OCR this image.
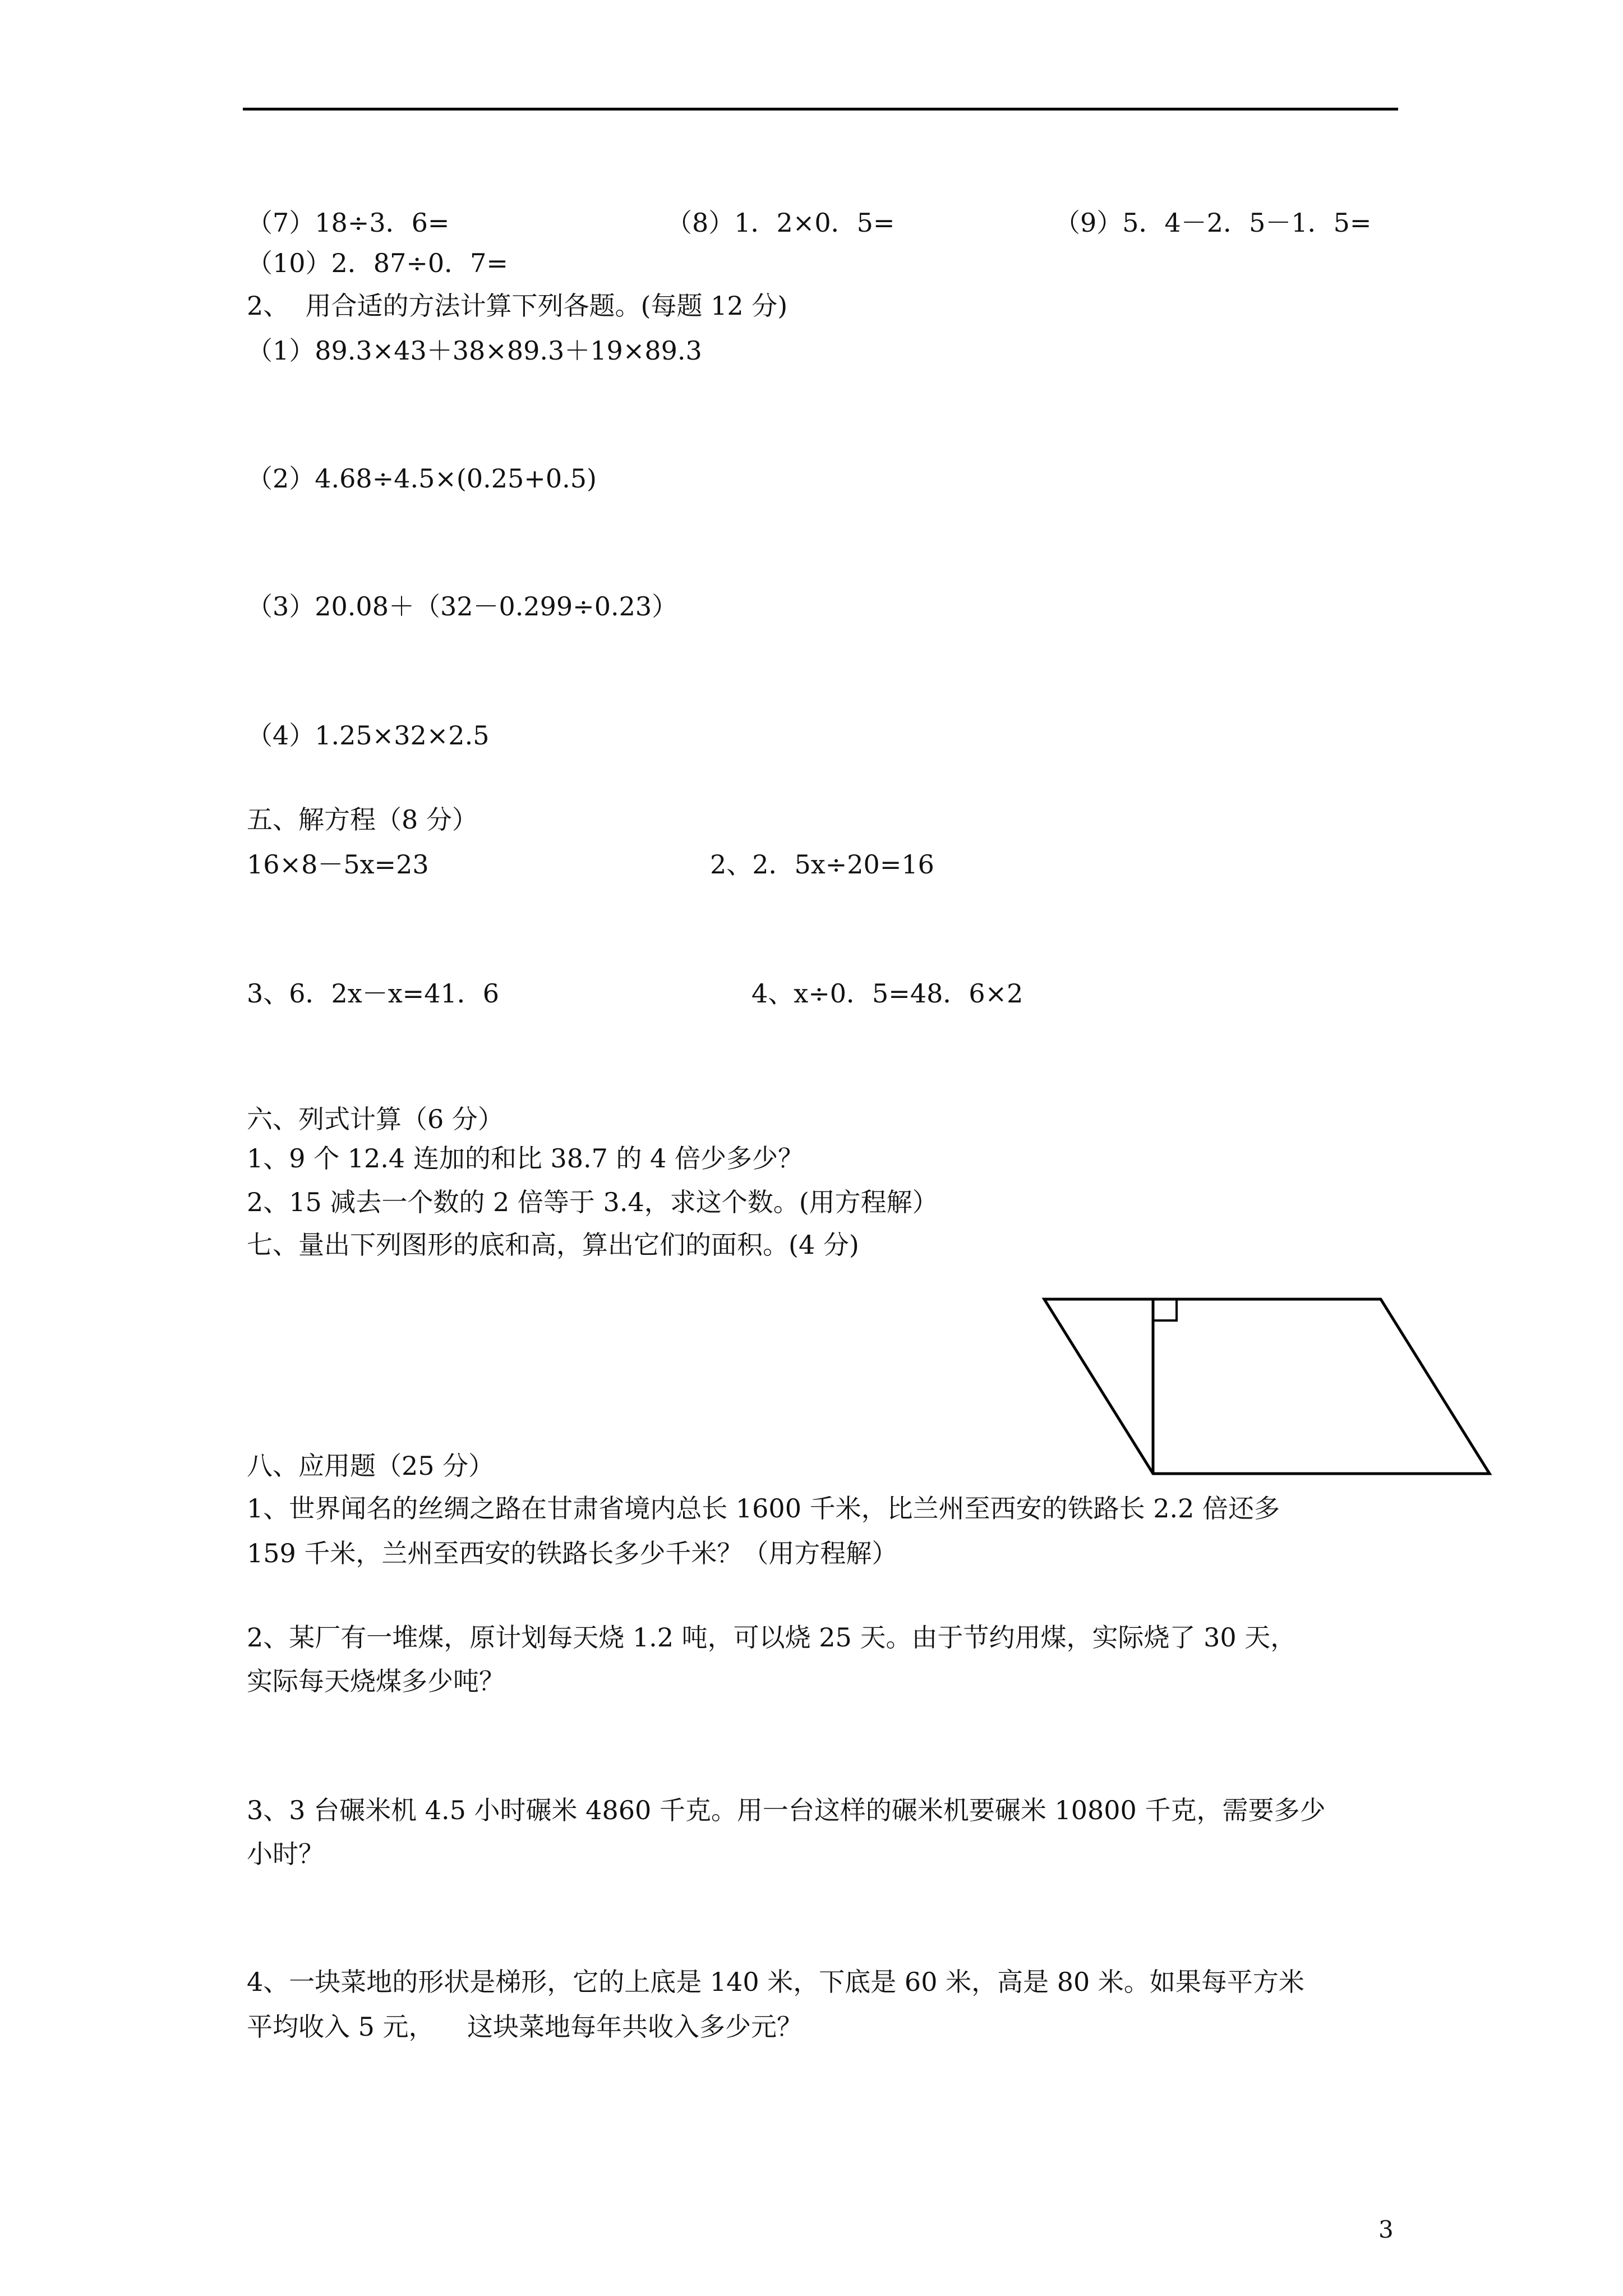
（7）18÷3．6=	（8）1．2×0．5=	（9）5．4－2．5－1．5=
（10）2．87÷0．7=
2、  用合适的方法计算下列各题。(每题 12 分)
（1）89.3×43＋38×89.3＋19×89.3
（2）4.68÷4.5×(0.25+0.5)
（3）20.08＋（32－0.299÷0.23）
（4）1.25×32×2.5
五、解方程（8 分）
16×8－5x=23	2、2．5x÷20=16
3、6．2x－x=41．6	4、x÷0．5=48．6×2
六、列式计算（6 分）
1、9 个 12.4 连加的和比 38.7 的 4 倍少多少？
2、15 减去一个数的 2 倍等于 3.4，求这个数。(用方程解）
七、量出下列图形的底和高，算出它们的面积。(4 分)
八、应用题（25 分）
1、世界闻名的丝绸之路在甘肃省境内总长 1600 千米，比兰州至西安的铁路长 2.2 倍还多
159 千米，兰州至西安的铁路长多少千米？（用方程解）
2、某厂有一堆煤，原计划每天烧 1.2 吨，可以烧 25 天。由于节约用煤，实际烧了 30 天，
实际每天烧煤多少吨？
3、3 台碾米机 4.5 小时碾米 4860 千克。用一台这样的碾米机要碾米 10800 千克，需要多少
小时？
4、一块菜地的形状是梯形，它的上底是 140 米，下底是 60 米，高是 80 米。如果每平方米
平均收入 5 元，    这块菜地每年共收入多少元？
3
